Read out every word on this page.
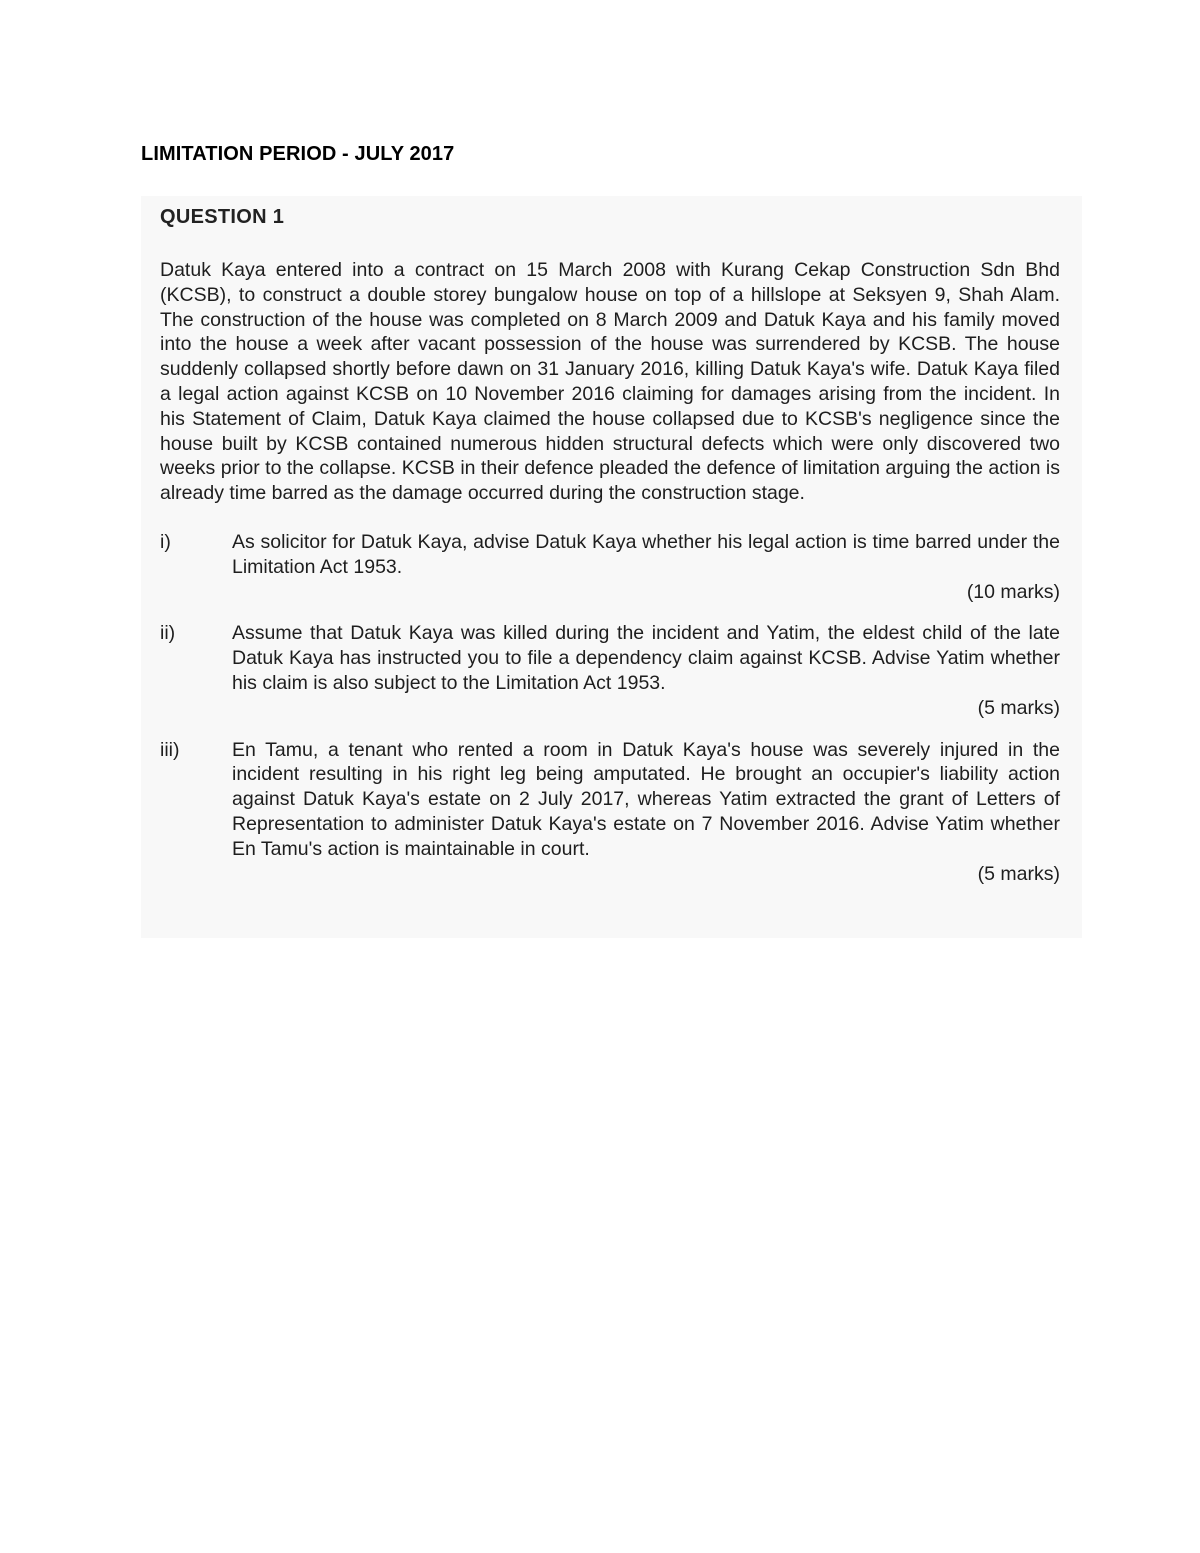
LIMITATION PERIOD - JULY 2017
QUESTION 1

Datuk Kaya entered into a contract on 15 March 2008 with Kurang Cekap Construction Sdn Bhd (KCSB), to construct a double storey bungalow house on top of a hillslope at Seksyen 9, Shah Alam. The construction of the house was completed on 8 March 2009 and Datuk Kaya and his family moved into the house a week after vacant possession of the house was surrendered by KCSB. The house suddenly collapsed shortly before dawn on 31 January 2016, killing Datuk Kaya's wife. Datuk Kaya filed a legal action against KCSB on 10 November 2016 claiming for damages arising from the incident. In his Statement of Claim, Datuk Kaya claimed the house collapsed due to KCSB's negligence since the house built by KCSB contained numerous hidden structural defects which were only discovered two weeks prior to the collapse. KCSB in their defence pleaded the defence of limitation arguing the action is already time barred as the damage occurred during the construction stage.

i)	As solicitor for Datuk Kaya, advise Datuk Kaya whether his legal action is time barred under the Limitation Act 1953.
(10 marks)
ii)	Assume that Datuk Kaya was killed during the incident and Yatim, the eldest child of the late Datuk Kaya has instructed you to file a dependency claim against KCSB. Advise Yatim whether his claim is also subject to the Limitation Act 1953.
(5 marks)
iii)	En Tamu, a tenant who rented a room in Datuk Kaya's house was severely injured in the incident resulting in his right leg being amputated. He brought an occupier's liability action against Datuk Kaya's estate on 2 July 2017, whereas Yatim extracted the grant of Letters of Representation to administer Datuk Kaya's estate on 7 November 2016. Advise Yatim whether En Tamu's action is maintainable in court.
(5 marks)
